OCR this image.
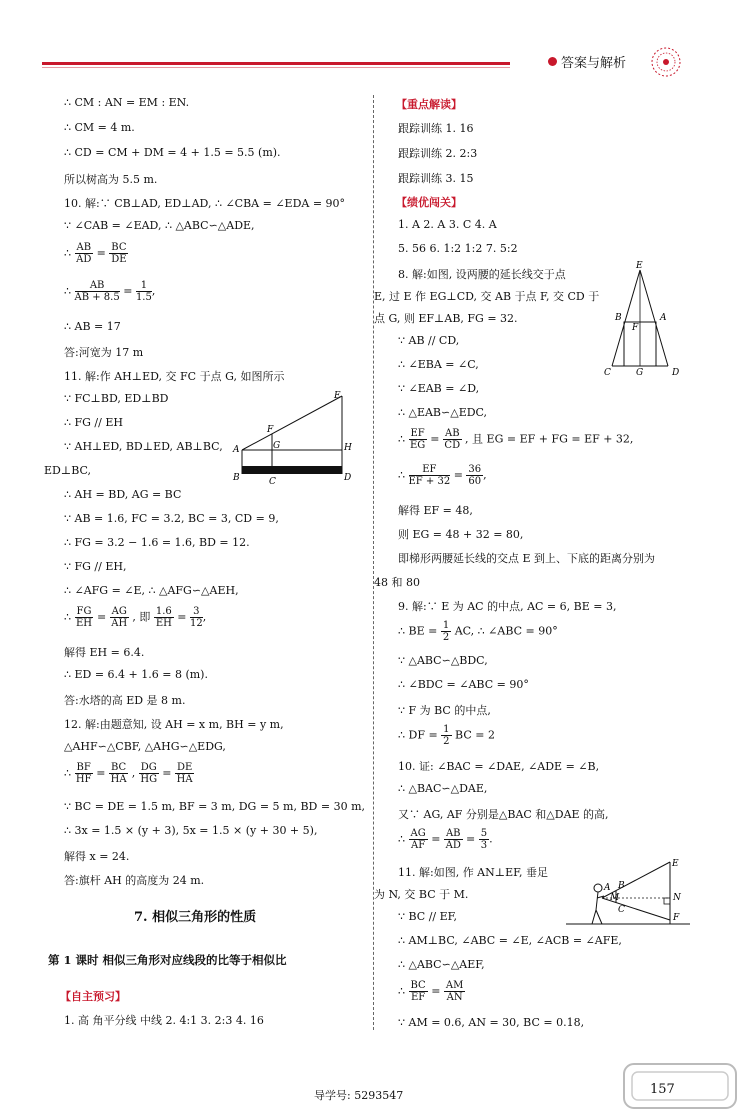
答案与解析
∴ CM : AN = EM : EN.
∴ CM = 4 m.
∴ CD = CM + DM = 4 + 1.5 = 5.5 (m).
所以树高为 5.5 m.
10. 解:∵ CB⊥AD, ED⊥AD, ∴ ∠CBA = ∠EDA = 90°
∵ ∠CAB = ∠EAD, ∴ △ABC∽△ADE,
∴ $\frac{AB}{AD} = \frac{BC}{DE}$
∴ $\frac{AB}{AB + 8.5} = \frac{1}{1.5}$ ,
∴ AB = 17
答:河宽为 17 m
11. 解:作 AH⊥ED, 交 FC 于点 G, 如图所示
∵ FC⊥BD, ED⊥BD
∴ FG // EH
∵ AH⊥ED, BD⊥ED, AB⊥BC,
ED⊥BC,
E
F
G	H
A
B	C	D
∴ AH = BD, AG = BC
∵ AB = 1.6, FC = 3.2, BC = 3, CD = 9,
∴ FG = 3.2 − 1.6 = 1.6, BD = 12.
∵ FG // EH,
∴ ∠AFG = ∠E, ∴ △AFG∽△AEH,
∴ $\frac{FG}{EH} = \frac{AG}{AH}$ , 即 $\frac{1.6}{EH} = \frac{3}{12}$ ,
解得 EH = 6.4.
∴ ED = 6.4 + 1.6 = 8 (m).
答:水塔的高 ED 是 8 m.
12. 解:由题意知, 设 AH = x m, BH = y m,
△AHF∽△CBF, △AHG∽△EDG,
∴ $\frac{BF}{HF} = \frac{BC}{HA}$ , $\frac{DG}{HG} = \frac{DE}{HA}$
∵ BC = DE = 1.5 m, BF = 3 m, DG = 5 m, BD = 30 m,
∴ 3x = 1.5 × (y + 3), 5x = 1.5 × (y + 30 + 5),
解得 x = 24.
答:旗杆 AH 的高度为 24 m.
7. 相似三角形的性质
第 1 课时 相似三角形对应线段的比等于相似比
【自主预习】
1. 高 角平分线 中线 2. 4:1 3. 2:3 4. 16
【重点解读】
跟踪训练 1. 16
跟踪训练 2. 2:3
跟踪训练 3. 15
【绩优闯关】
1. A 2. A 3. C 4. A
5. 56 6. 1:2 1:2 7. 5:2
8. 解:如图, 设两腰的延长线交于点
E, 过 E 作 EG⊥CD, 交 AB 于点 F, 交 CD 于
点 G, 则 EF⊥AB, FG = 32.
E
F
B	A
C	G	D
∵ AB // CD,
∴ ∠EBA = ∠C,
∵ ∠EAB = ∠D,
∴ △EAB∽△EDC,
∴ $\frac{EF}{EG} = \frac{AB}{CD}$ , 且 EG = EF + FG = EF + 32,
∴ $\frac{EF}{EF + 32} = \frac{36}{60}$ ,
解得 EF = 48,
则 EG = 48 + 32 = 80,
即梯形两腰延长线的交点 E 到上、下底的距离分别为
48 和 80
9. 解:∵ E 为 AC 的中点, AC = 6, BE = 3,
∴ BE = $\frac{1}{2}$ AC, ∴ ∠ABC = 90°
∵ △ABC∽△BDC,
∴ ∠BDC = ∠ABC = 90°
∵ F 为 BC 的中点,
∴ DF = $\frac{1}{2}$ BC = 2
10. 证: ∠BAC = ∠DAE, ∠ADE = ∠B,
∴ △BAC∽△DAE,
又∵ AG, AF 分别是△BAC 和△DAE 的高,
∴ $\frac{AG}{AF} = \frac{AB}{AD} = \frac{5}{3}$ .
11. 解:如图, 作 AN⊥EF, 垂足
为 N, 交 BC 于 M.
E
A B
C
M	N
F
∵ BC // EF,
∴ AM⊥BC, ∠ABC = ∠E, ∠ACB = ∠AFE,
∴ △ABC∽△AEF,
∴ $\frac{BC}{EF} = \frac{AM}{AN}$
∵ AM = 0.6, AN = 30, BC = 0.18,
导学号: 5293547	157
